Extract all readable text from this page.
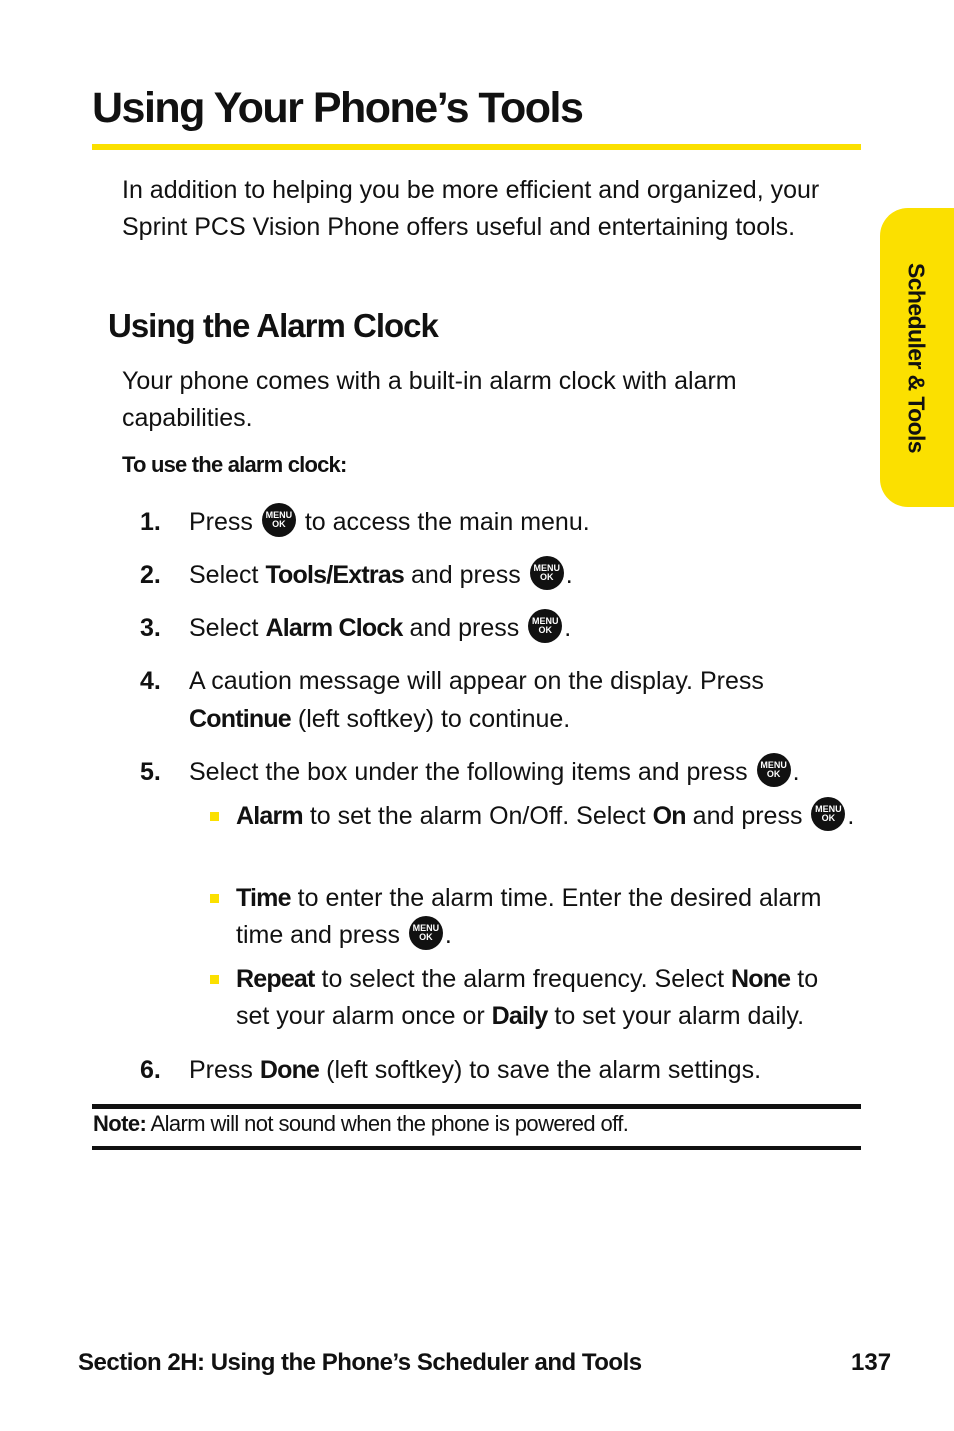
Using Your Phone’s Tools
In addition to helping you be more efficient and organized, your Sprint PCS Vision Phone offers useful and entertaining tools.
Using the Alarm Clock
Your phone comes with a built-in alarm clock with alarm capabilities.
To use the alarm clock:
1. Press MENU
OK to access the main menu.
2. Select Tools/Extras and press MENU
OK .
3. Select Alarm Clock and press MENU
OK .
4. A caution message will appear on the display. Press Continue (left softkey) to continue.
5. Select the box under the following items and press MENU
OK .
Alarm to set the alarm On/Off. Select On and press MENU
OK .
Time to enter the alarm time. Enter the desired alarm time and press MENU
OK .
Repeat to select the alarm frequency. Select None to set your alarm once or Daily to set your alarm daily.
6. Press Done (left softkey) to save the alarm settings.
Note: Alarm will not sound when the phone is powered off.
Scheduler & Tools
Section 2H: Using the Phone’s Scheduler and Tools	137
